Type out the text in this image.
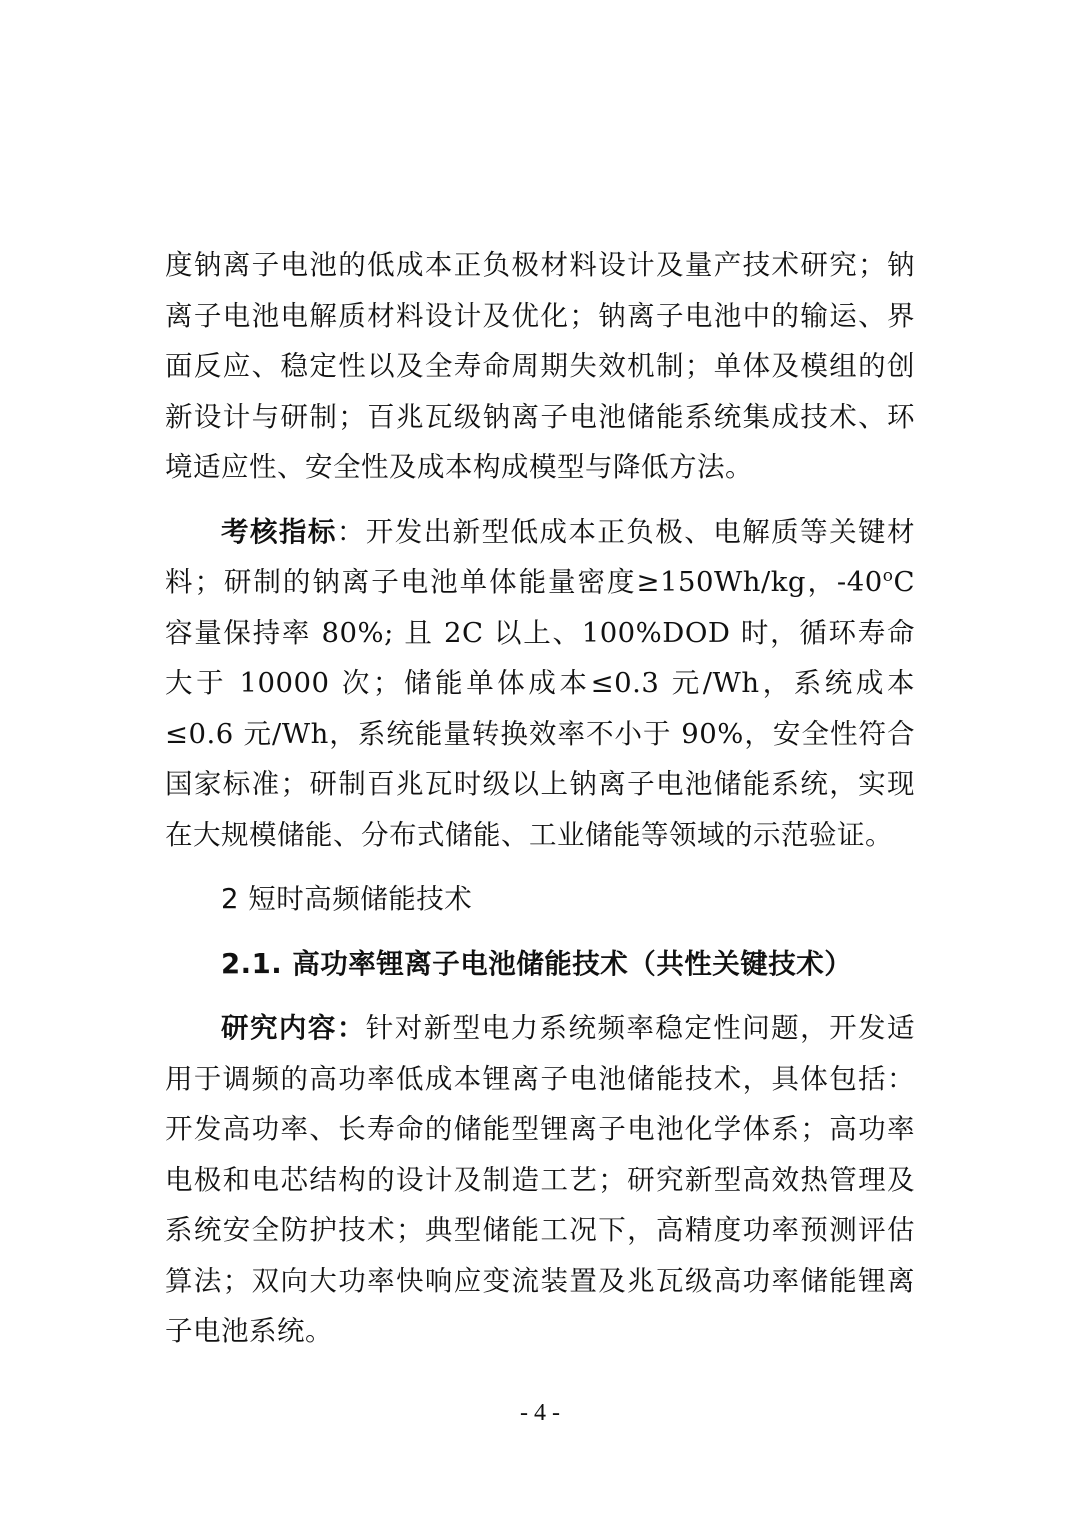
度钠离子电池的低成本正负极材料设计及量产技术研究；钠离子电池电解质材料设计及优化；钠离子电池中的输运、界面反应、稳定性以及全寿命周期失效机制；单体及模组的创新设计与研制；百兆瓦级钠离子电池储能系统集成技术、环境适应性、安全性及成本构成模型与降低方法。

考核指标：开发出新型低成本正负极、电解质等关键材料；研制的钠离子电池单体能量密度≥150Wh/kg，-40$^o$C 容量保持率 80%; 且 2C 以上、100%DOD 时，循环寿命大于 10000 次；储能单体成本≤0.3 元/Wh，系统成本≤0.6 元/Wh，系统能量转换效率不小于 90%，安全性符合国家标准；研制百兆瓦时级以上钠离子电池储能系统，实现在大规模储能、分布式储能、工业储能等领域的示范验证。

2 短时高频储能技术

2.1. 高功率锂离子电池储能技术（共性关键技术）

研究内容：针对新型电力系统频率稳定性问题，开发适用于调频的高功率低成本锂离子电池储能技术，具体包括：开发高功率、长寿命的储能型锂离子电池化学体系；高功率电极和电芯结构的设计及制造工艺；研究新型高效热管理及系统安全防护技术；典型储能工况下，高精度功率预测评估算法；双向大功率快响应变流装置及兆瓦级高功率储能锂离子电池系统。

- 4 -
